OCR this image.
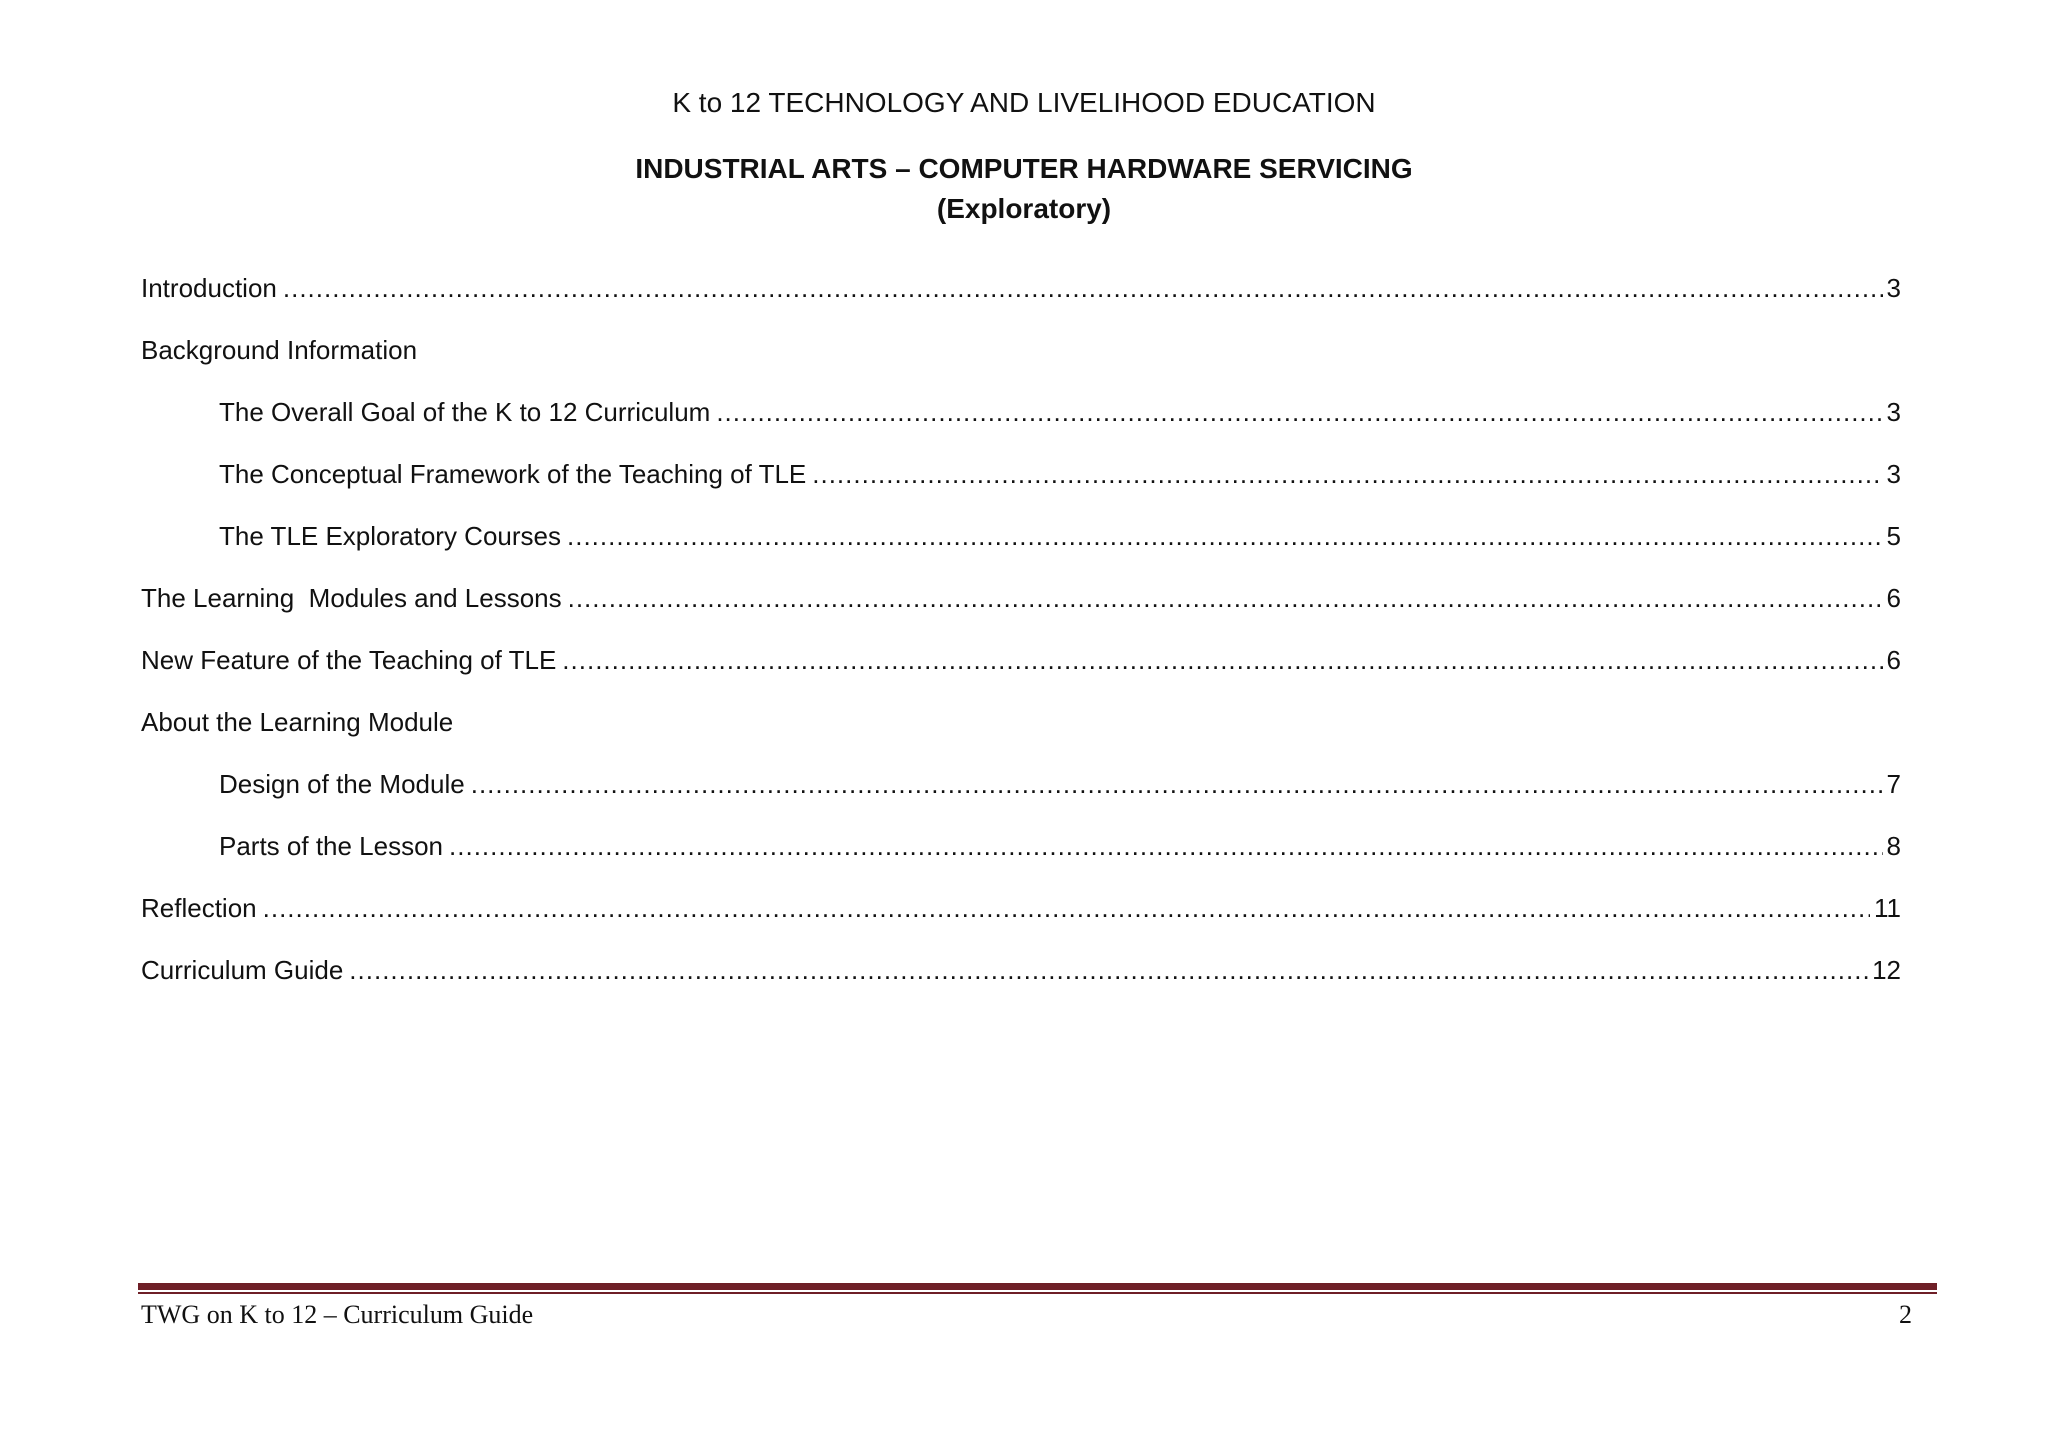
K to 12 TECHNOLOGY AND LIVELIHOOD EDUCATION
INDUSTRIAL ARTS – COMPUTER HARDWARE SERVICING
(Exploratory)
Introduction .....	3
Background Information
The Overall Goal of the K to 12 Curriculum .....	3
The Conceptual Framework of the Teaching of TLE .....	3
The TLE Exploratory Courses .....	5
The Learning  Modules and Lessons .....	6
New Feature of the Teaching of TLE .....	6
About the Learning Module
Design of the Module .....	7
Parts of the Lesson .....	8
Reflection .....	11
Curriculum Guide .....	12
TWG on K to 12 – Curriculum Guide	2
